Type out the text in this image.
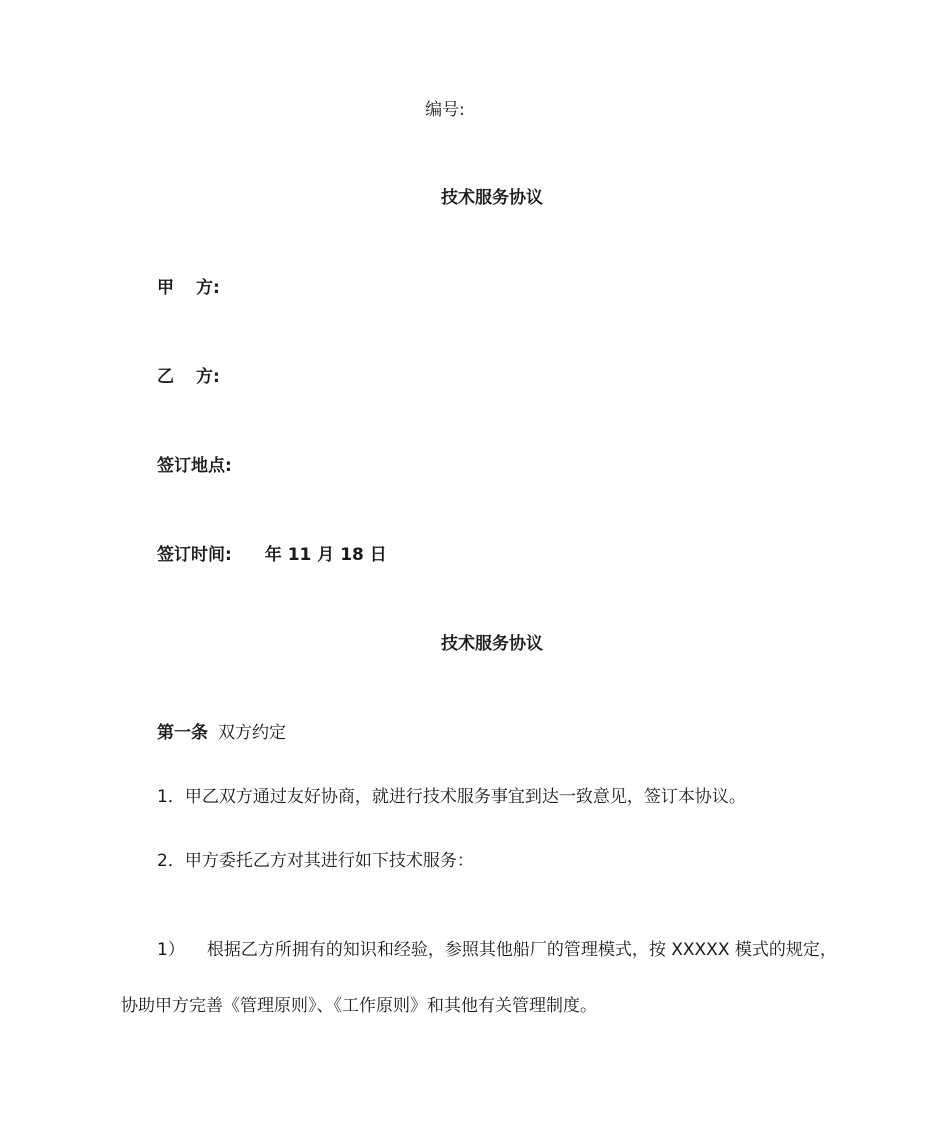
编号:
技术服务协议
甲 方:
乙 方:
签订地点:
签订时间: 年 11 月 18 日
技术服务协议
第一条 双方约定
1．甲乙双方通过友好协商，就进行技术服务事宜到达一致意见，签订本协议。
2．甲方委托乙方对其进行如下技术服务：
1） 根据乙方所拥有的知识和经验，参照其他船厂的管理模式，按 XXXXX 模式的规定，
协助甲方完善《管理原则》、《工作原则》和其他有关管理制度。
